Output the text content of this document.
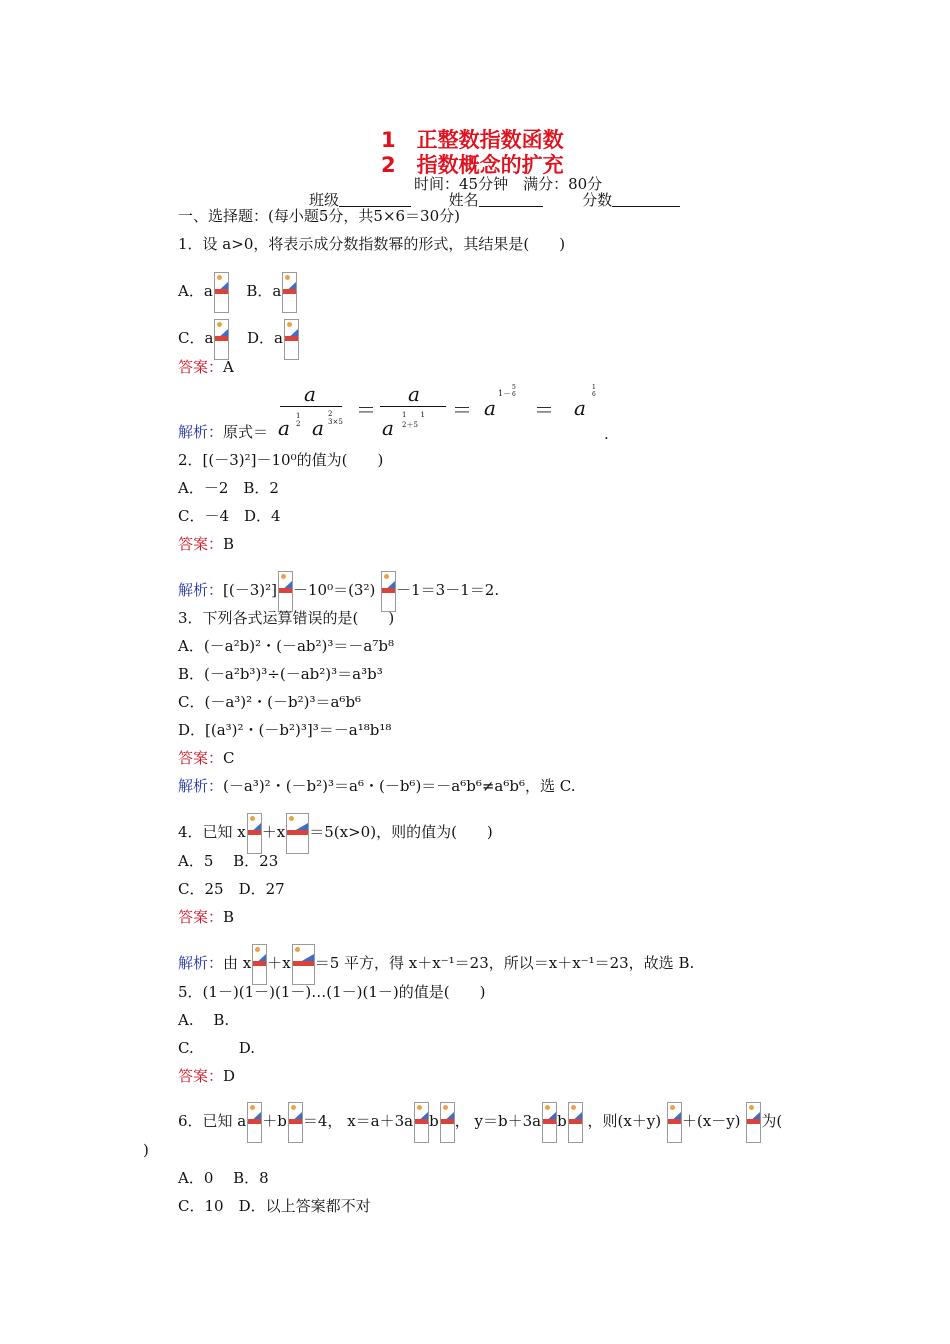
1　正整数指数函数
2　指数概念的扩充
时间：45分钟　满分：80分
班级	姓名	分数
一、选择题：(每小题5分，共5×6＝30分)
1．设 a>0，将表示成分数指数幂的形式，其结果是(　　)
A．a B．a
C．a D．a
答案：A
解析：原式＝
a
a 1
2 a
2
3×5 ＝
a
a
1　　1
2＋5
＝ a
1－
5
6
＝ a
1
6
.
2．[(－3)²]－10⁰的值为(　　)
A．－2　B．2
C．－4　D．4
答案：B
解析：[(－3)²] －10⁰＝(3²) －1＝3－1＝2.
3．下列各式运算错误的是(　　)
A．(－a²b)²・(－ab²)³＝－a⁷b⁸
B．(－a²b³)³÷(－ab²)³＝a³b³
C．(－a³)²・(－b²)³＝a⁶b⁶
D．[(a³)²・(－b²)³]³＝－a¹⁸b¹⁸
答案：C
解析：(－a³)²・(－b²)³＝a⁶・(－b⁶)＝－a⁶b⁶≠a⁶b⁶，选 C.
4．已知 x ＋x ＝5(x>0)，则的值为(　　)
A．5　 B．23
C．25　D．27
答案：B
解析：由 x ＋x ＝5 平方，得 x＋x⁻¹＝23，所以＝x＋x⁻¹＝23，故选 B.
5．(1－)(1－)(1－)…(1－)(1－)的值是(　　)
A.　 B.
C.　　　D.
答案：D
6．已知 a ＋b ＝4， x＝a＋3a b ， y＝b＋3a b ，则(x＋y) ＋(x－y) 为(
)
A．0　 B．8
C．10　D．以上答案都不对
